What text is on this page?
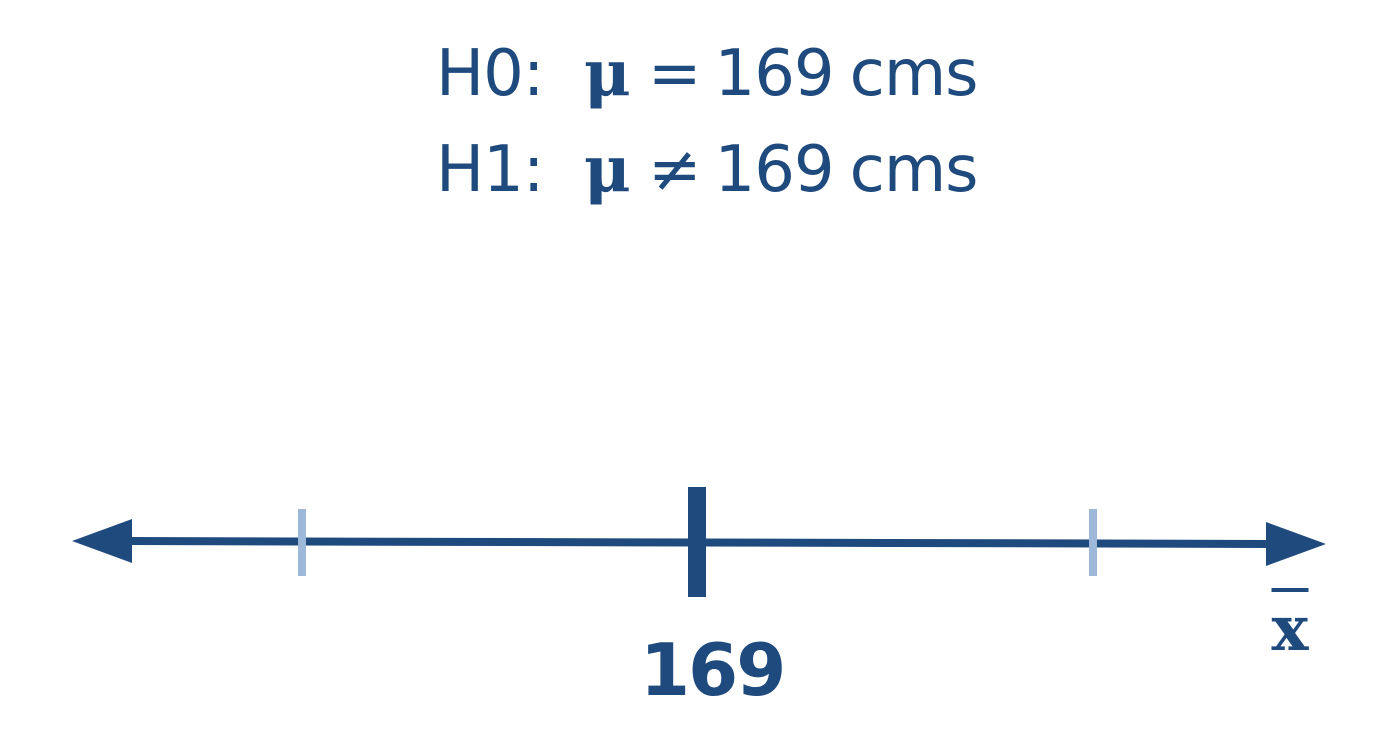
H0: μ = 169 cms
H1: μ ≠ 169 cms
169	$\overline{x}$
